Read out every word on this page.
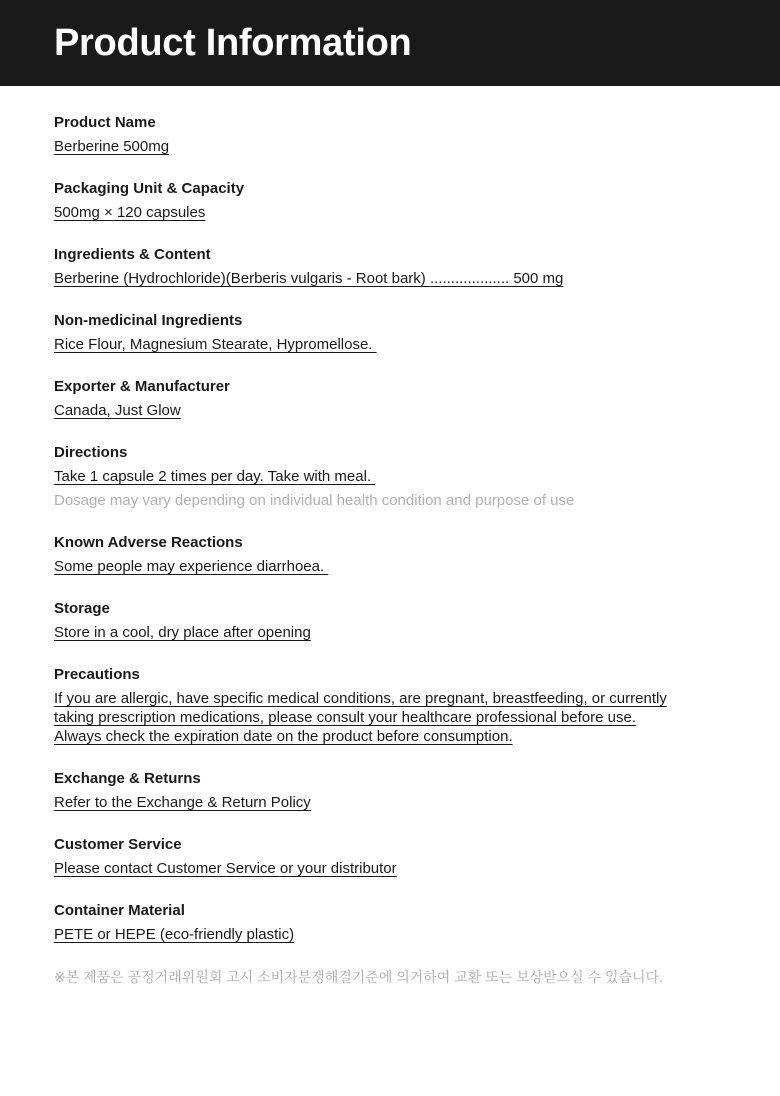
Product Information
Product Name
Berberine 500mg
Packaging Unit & Capacity
500mg × 120 capsules
Ingredients & Content
Berberine (Hydrochloride)(Berberis vulgaris - Root bark) ................... 500 mg
Non-medicinal Ingredients
Rice Flour, Magnesium Stearate, Hypromellose.
Exporter & Manufacturer
Canada, Just Glow
Directions
Take 1 capsule 2 times per day. Take with meal.
Dosage may vary depending on individual health condition and purpose of use
Known Adverse Reactions
Some people may experience diarrhoea.
Storage
Store in a cool, dry place after opening
Precautions
If you are allergic, have specific medical conditions, are pregnant, breastfeeding, or currently
taking prescription medications, please consult your healthcare professional before use.
Always check the expiration date on the product before consumption.
Exchange & Returns
Refer to the Exchange & Return Policy
Customer Service
Please contact Customer Service or your distributor
Container Material
PETE or HEPE (eco-friendly plastic)
※본 제품은 공정거래위원회 고시 소비자분쟁해결기준에 의거하여 교환 또는 보상받으실 수 있습니다.
